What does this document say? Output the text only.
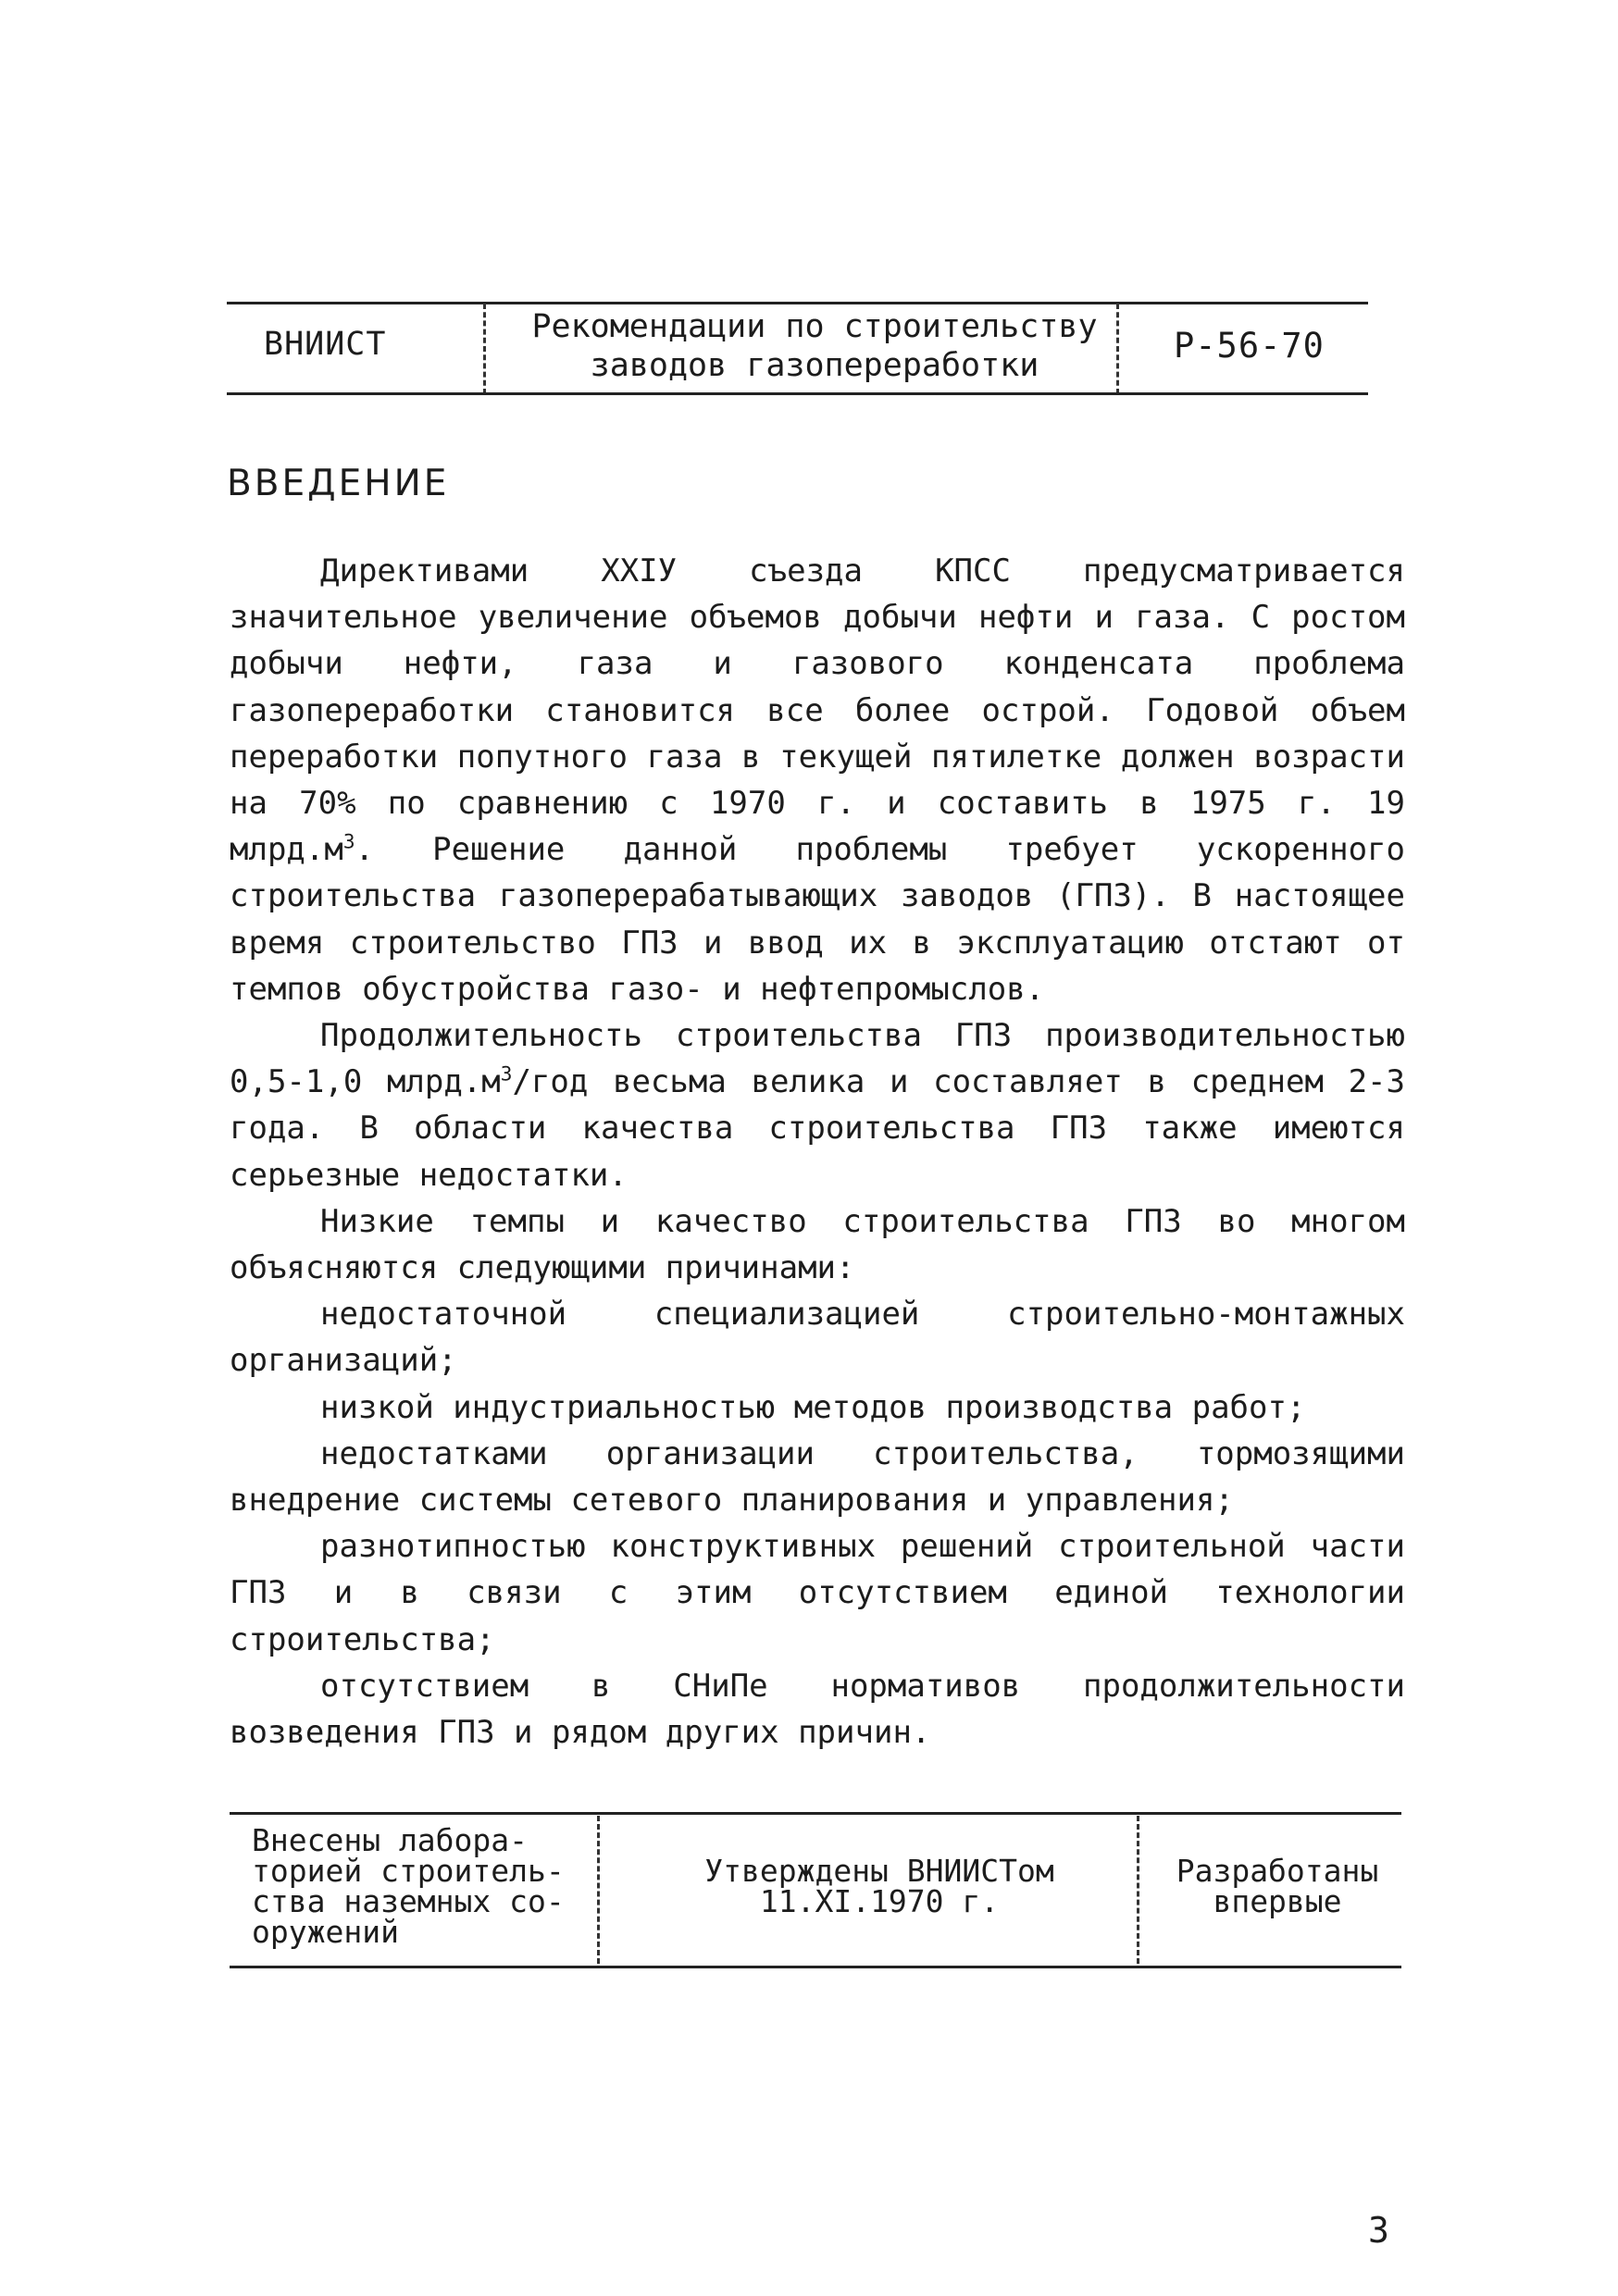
ВНИИСТ	Рекомендации по строительству
заводов газопереработки	Р-56-70
ВВЕДЕНИЕ

Директивами XXIУ съезда КПСС предусматривается значительное увеличение объемов добычи нефти и газа. С ростом добычи нефти, газа и газового конденсата проблема газопереработки становится все более острой. Годовой объем переработки попутного газа в текущей пятилетке должен возрасти на 70% по сравнению с 1970 г. и составить в 1975 г. 19 $млрд.м^3$. Решение данной проблемы требует ускоренного строительства газоперерабатывающих заводов (ГПЗ). В настоящее время строительство ГПЗ и ввод их в эксплуатацию отстают от темпов обустройства газо- и нефтепромыслов.

Продолжительность строительства ГПЗ производительностью 0,5-1,0 $млрд.м^3$/год весьма велика и составляет в среднем 2-3 года. В области качества строительства ГПЗ также имеются серьезные недостатки.

Низкие темпы и качество строительства ГПЗ во многом объясняются следующими причинами:

недостаточной специализацией строительно-монтажных организаций;

низкой индустриальностью методов производства работ;

недостатками организации строительства, тормозящими внедрение системы сетевого планирования и управления;

разнотипностью конструктивных решений строительной части ГПЗ и в связи с этим отсутствием единой технологии строительства;

отсутствием в СНиПе нормативов продолжительности возведения ГПЗ и рядом других причин.

Внесены лабора-
торией строитель-
ства наземных со-
оружений
Утверждены ВНИИСТом
11.XI.1970 г.
Разработаны
впервые
3
